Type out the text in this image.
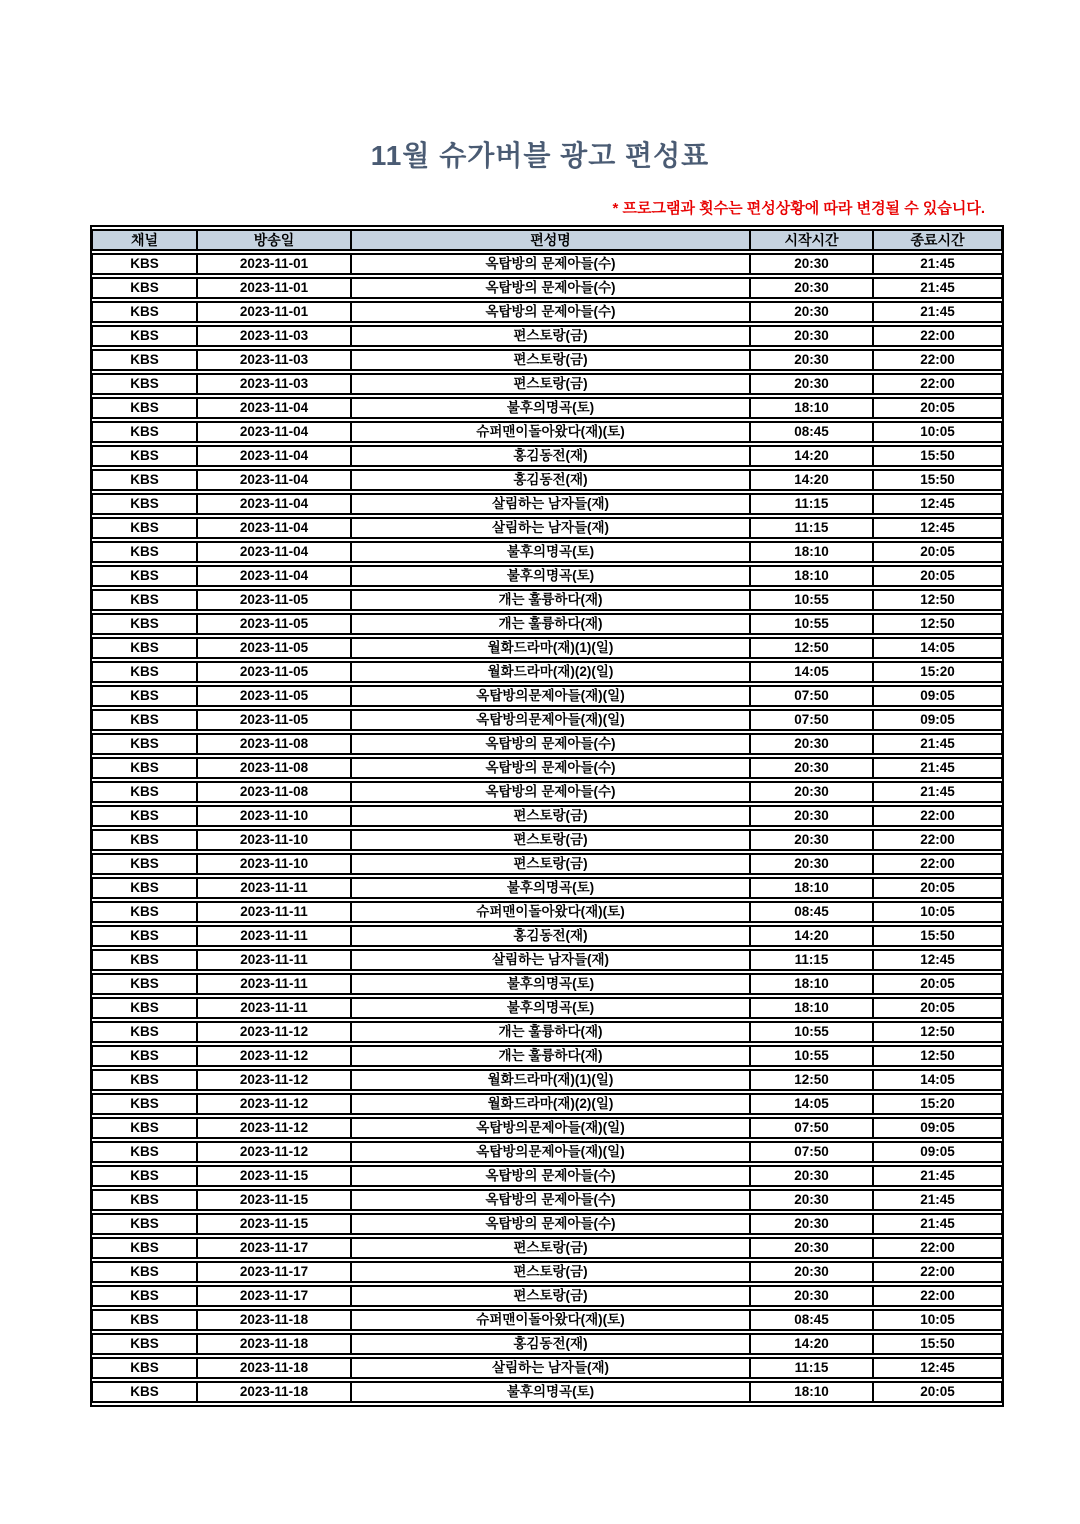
11월 슈가버블 광고 편성표
* 프로그램과 횟수는 편성상황에 따라 변경될 수 있습니다.
채널	방송일	편성명	시작시간	종료시간
KBS	2023-11-01	옥탑방의 문제아들(수)	20:30	21:45
KBS	2023-11-01	옥탑방의 문제아들(수)	20:30	21:45
KBS	2023-11-01	옥탑방의 문제아들(수)	20:30	21:45
KBS	2023-11-03	편스토랑(금)	20:30	22:00
KBS	2023-11-03	편스토랑(금)	20:30	22:00
KBS	2023-11-03	편스토랑(금)	20:30	22:00
KBS	2023-11-04	불후의명곡(토)	18:10	20:05
KBS	2023-11-04	슈퍼맨이돌아왔다(재)(토)	08:45	10:05
KBS	2023-11-04	홍김동전(재)	14:20	15:50
KBS	2023-11-04	홍김동전(재)	14:20	15:50
KBS	2023-11-04	살림하는 남자들(재)	11:15	12:45
KBS	2023-11-04	살림하는 남자들(재)	11:15	12:45
KBS	2023-11-04	불후의명곡(토)	18:10	20:05
KBS	2023-11-04	불후의명곡(토)	18:10	20:05
KBS	2023-11-05	개는 훌륭하다(재)	10:55	12:50
KBS	2023-11-05	개는 훌륭하다(재)	10:55	12:50
KBS	2023-11-05	월화드라마(재)(1)(일)	12:50	14:05
KBS	2023-11-05	월화드라마(재)(2)(일)	14:05	15:20
KBS	2023-11-05	옥탑방의문제아들(재)(일)	07:50	09:05
KBS	2023-11-05	옥탑방의문제아들(재)(일)	07:50	09:05
KBS	2023-11-08	옥탑방의 문제아들(수)	20:30	21:45
KBS	2023-11-08	옥탑방의 문제아들(수)	20:30	21:45
KBS	2023-11-08	옥탑방의 문제아들(수)	20:30	21:45
KBS	2023-11-10	편스토랑(금)	20:30	22:00
KBS	2023-11-10	편스토랑(금)	20:30	22:00
KBS	2023-11-10	편스토랑(금)	20:30	22:00
KBS	2023-11-11	불후의명곡(토)	18:10	20:05
KBS	2023-11-11	슈퍼맨이돌아왔다(재)(토)	08:45	10:05
KBS	2023-11-11	홍김동전(재)	14:20	15:50
KBS	2023-11-11	살림하는 남자들(재)	11:15	12:45
KBS	2023-11-11	불후의명곡(토)	18:10	20:05
KBS	2023-11-11	불후의명곡(토)	18:10	20:05
KBS	2023-11-12	개는 훌륭하다(재)	10:55	12:50
KBS	2023-11-12	개는 훌륭하다(재)	10:55	12:50
KBS	2023-11-12	월화드라마(재)(1)(일)	12:50	14:05
KBS	2023-11-12	월화드라마(재)(2)(일)	14:05	15:20
KBS	2023-11-12	옥탑방의문제아들(재)(일)	07:50	09:05
KBS	2023-11-12	옥탑방의문제아들(재)(일)	07:50	09:05
KBS	2023-11-15	옥탑방의 문제아들(수)	20:30	21:45
KBS	2023-11-15	옥탑방의 문제아들(수)	20:30	21:45
KBS	2023-11-15	옥탑방의 문제아들(수)	20:30	21:45
KBS	2023-11-17	편스토랑(금)	20:30	22:00
KBS	2023-11-17	편스토랑(금)	20:30	22:00
KBS	2023-11-17	편스토랑(금)	20:30	22:00
KBS	2023-11-18	슈퍼맨이돌아왔다(재)(토)	08:45	10:05
KBS	2023-11-18	홍김동전(재)	14:20	15:50
KBS	2023-11-18	살림하는 남자들(재)	11:15	12:45
KBS	2023-11-18	불후의명곡(토)	18:10	20:05
